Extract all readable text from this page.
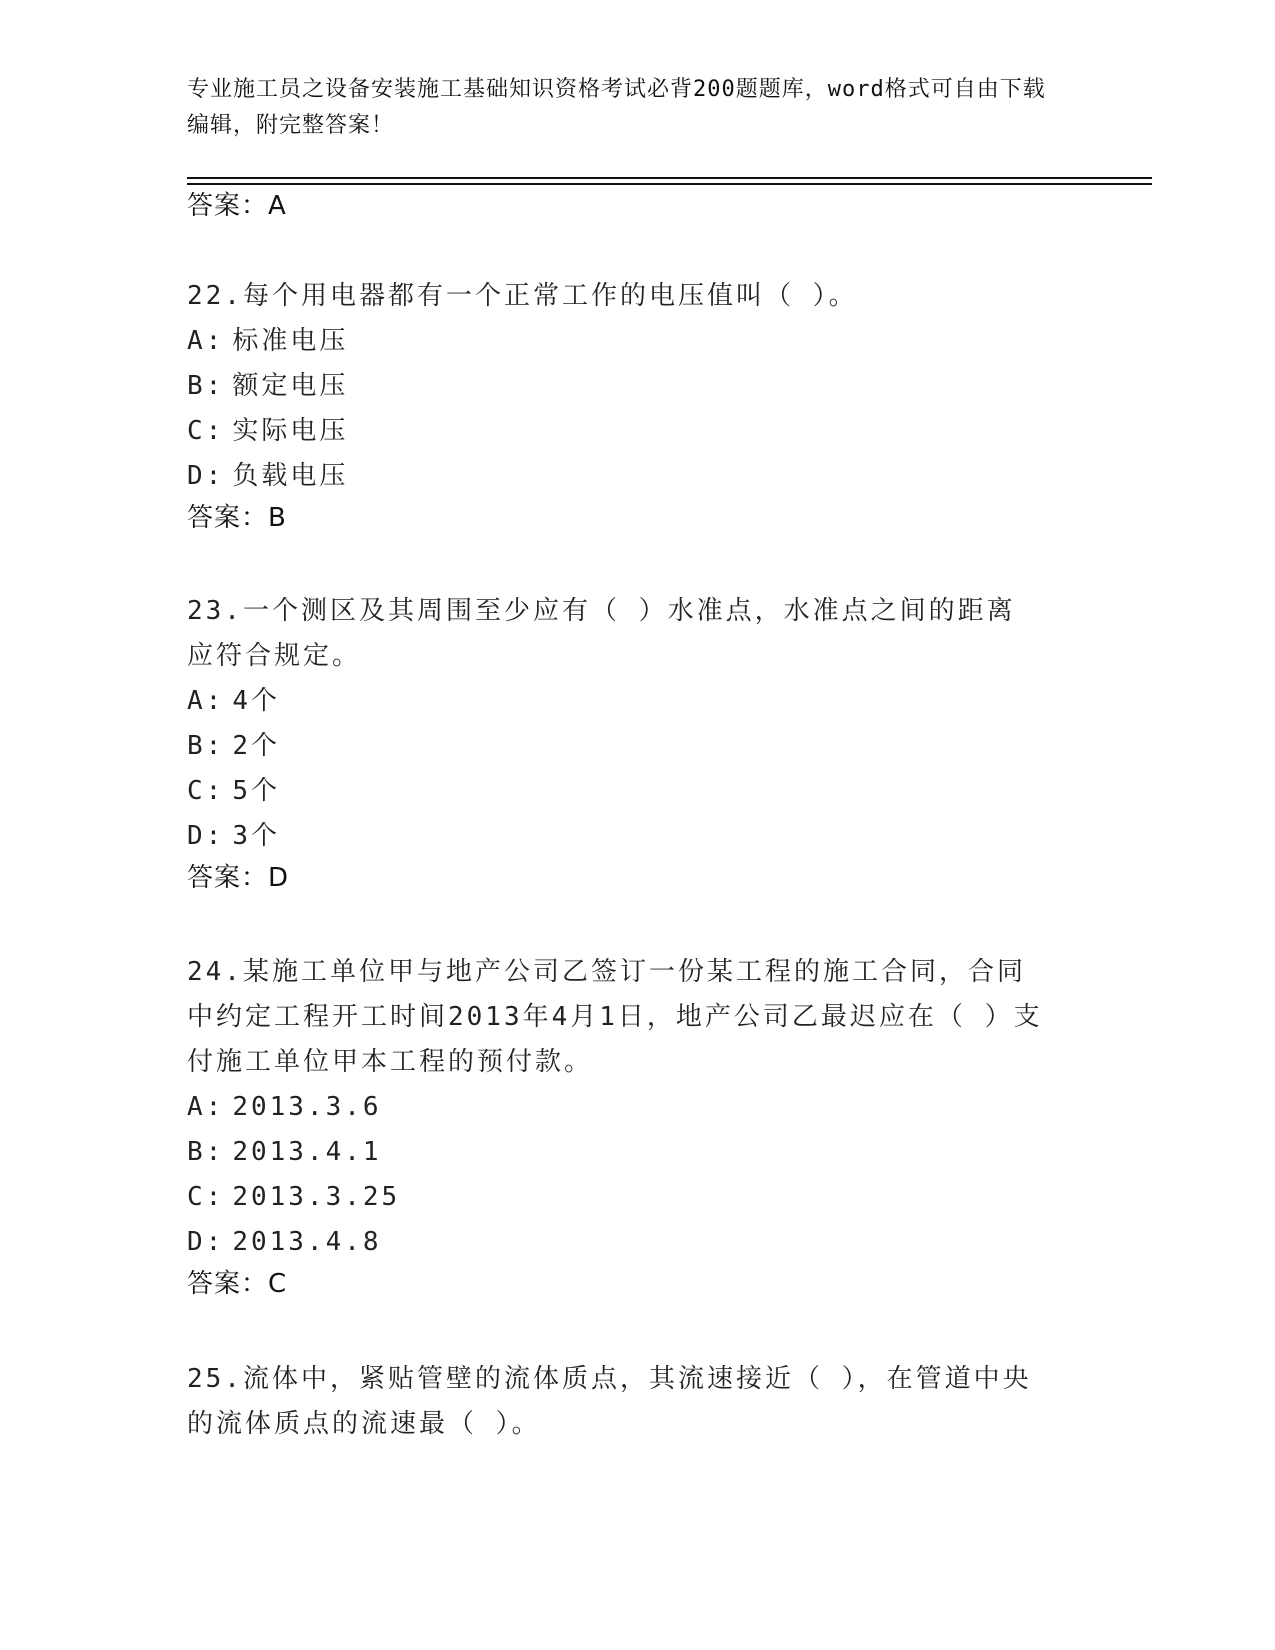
专业施工员之设备安装施工基础知识资格考试必背200题题库，word格式可自由下载编辑，附完整答案！
答案：A
22.每个用电器都有一个正常工作的电压值叫（ ）。
A: 标准电压
B: 额定电压
C: 实际电压
D: 负载电压
答案：B
23.一个测区及其周围至少应有（ ）水准点，水准点之间的距离应符合规定。
A: 4个
B: 2个
C: 5个
D: 3个
答案：D
24.某施工单位甲与地产公司乙签订一份某工程的施工合同，合同中约定工程开工时间2013年4月1日，地产公司乙最迟应在（ ）支付施工单位甲本工程的预付款。
A: 2013.3.6
B: 2013.4.1
C: 2013.3.25
D: 2013.4.8
答案：C
25.流体中，紧贴管壁的流体质点，其流速接近（ ），在管道中央的流体质点的流速最（ ）。
